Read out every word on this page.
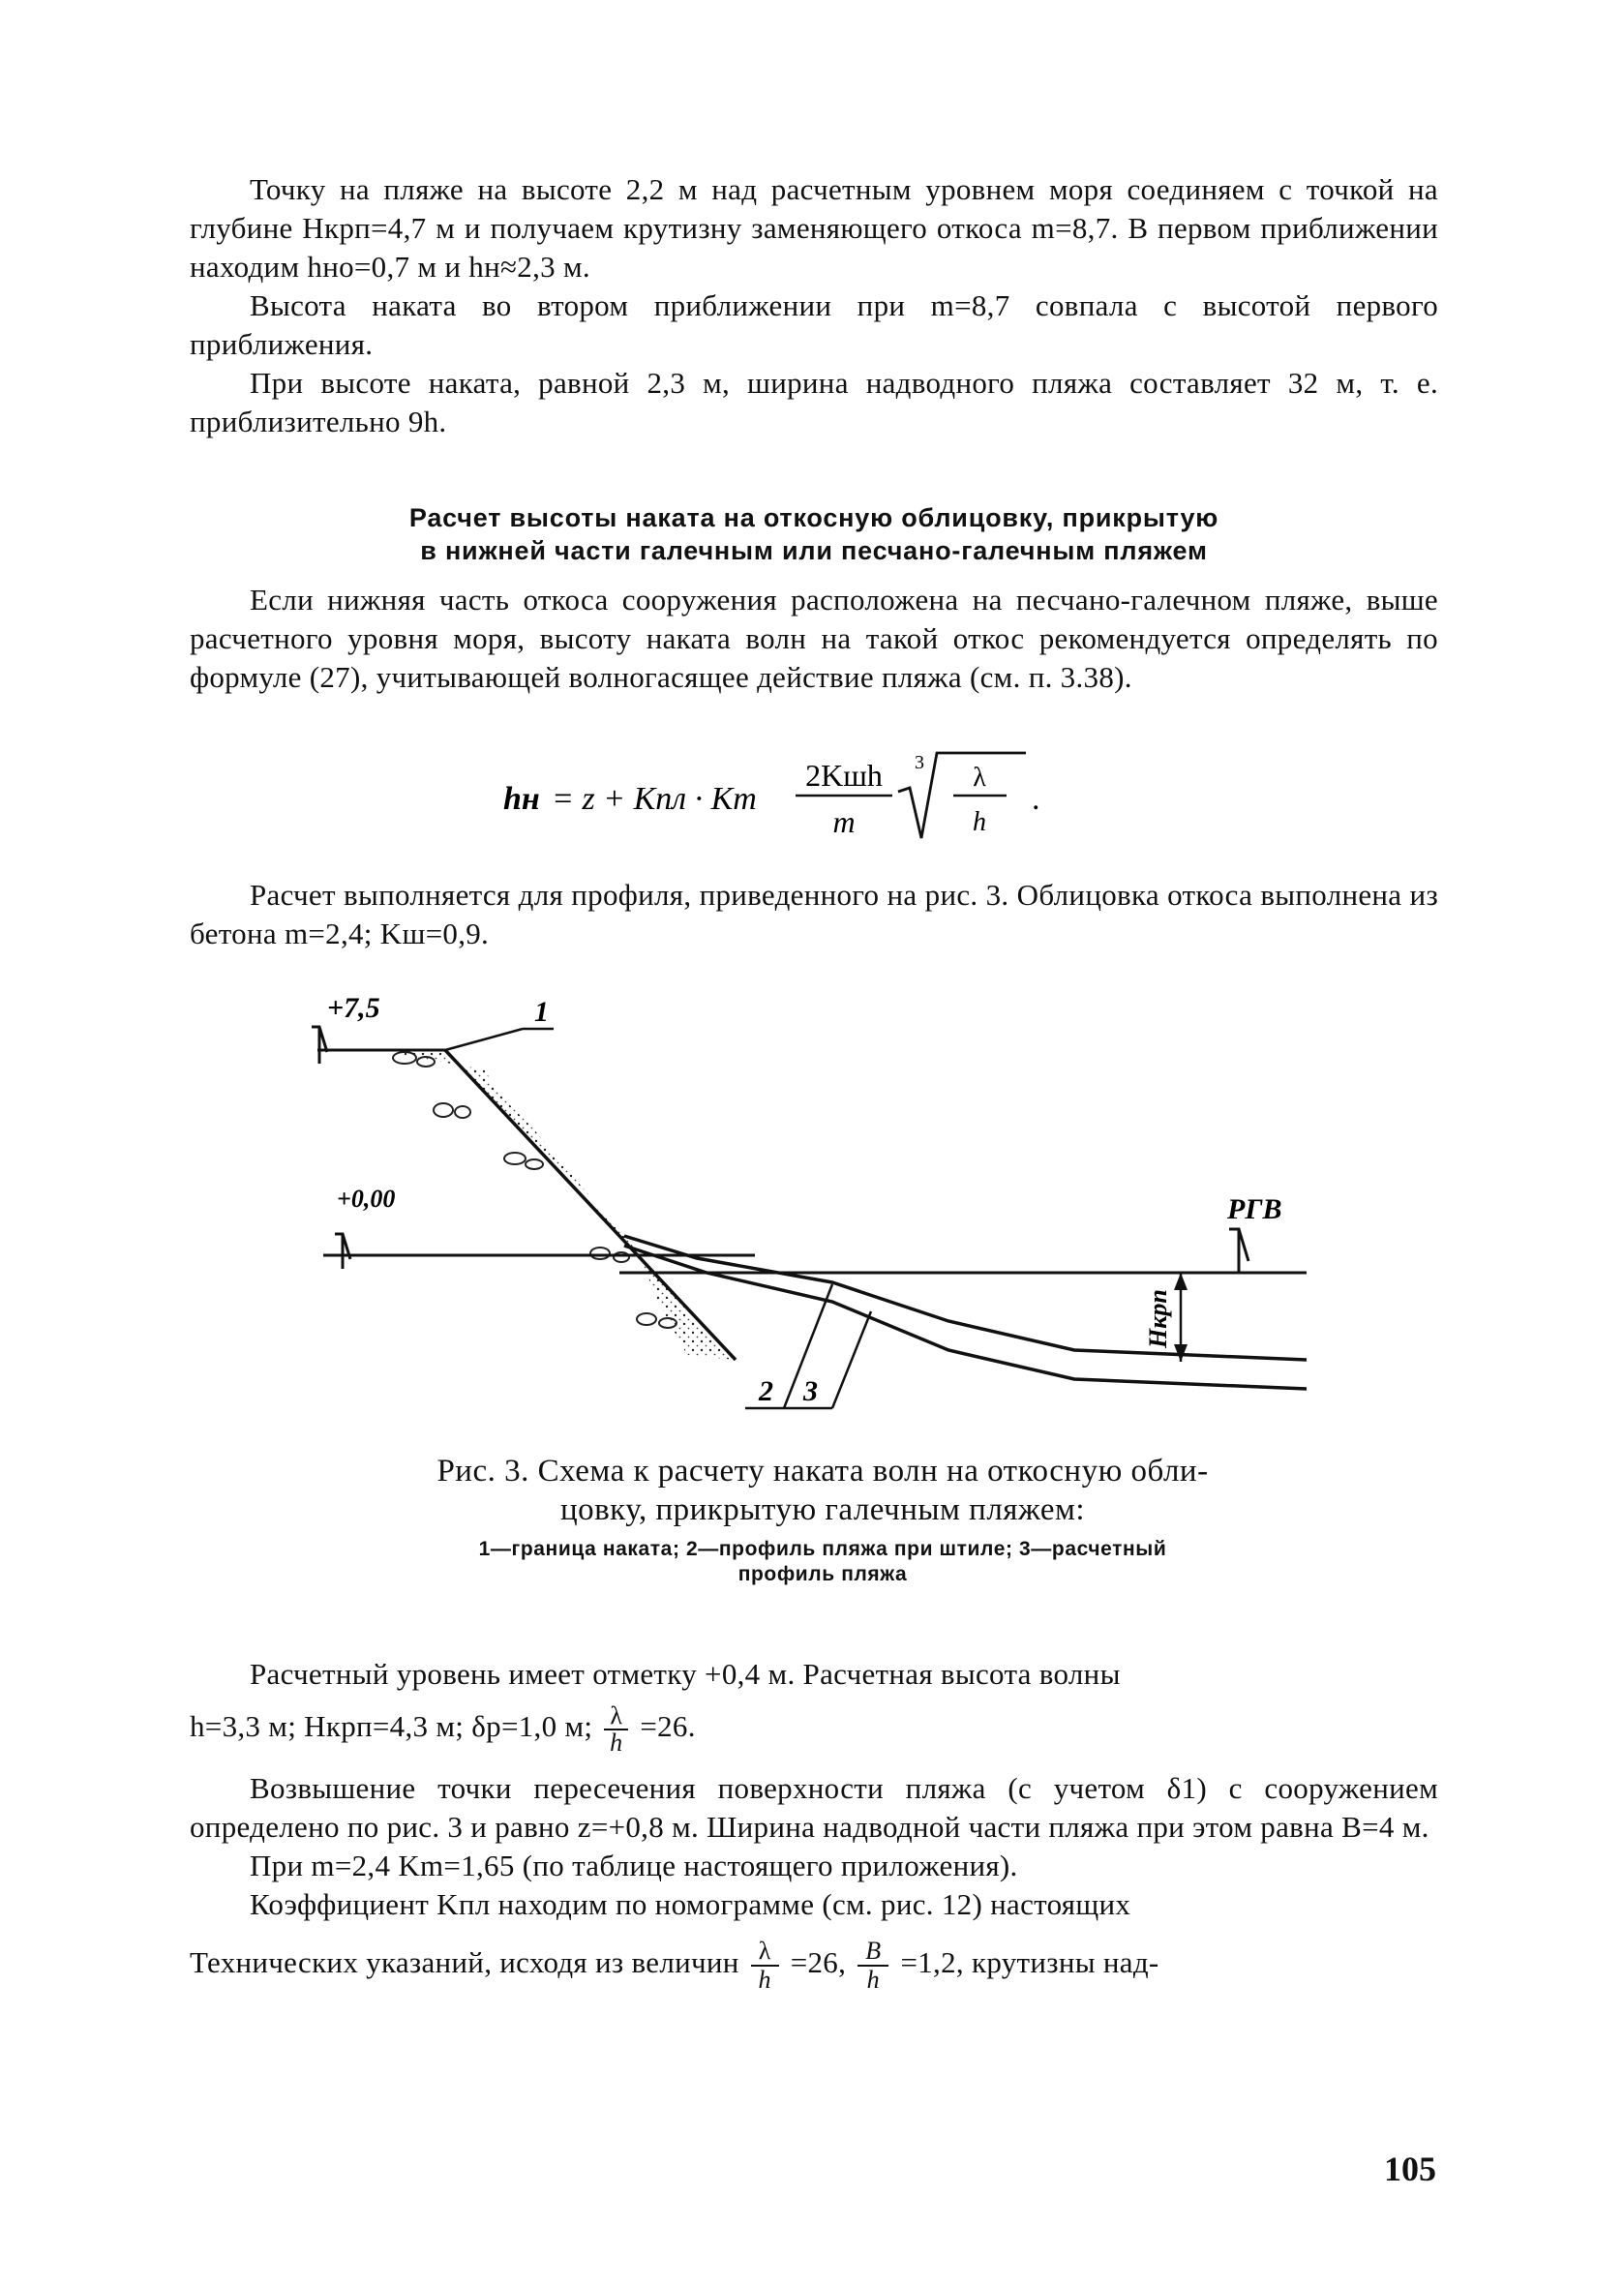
Точку на пляже на высоте 2,2 м над расчетным уровнем моря соединяем с точкой на глубине Hкрп=4,7 м и получаем крутизну заменяющего откоса m=8,7. В первом приближении находим hно=0,7 м и hн≈2,3 м.

Высота наката во втором приближении при m=8,7 совпала с высотой первого приближения.

При высоте наката, равной 2,3 м, ширина надводного пляжа составляет 32 м, т. е. приблизительно 9h.

Расчет высоты наката на откосную облицовку, прикрытую
в нижней части галечным или песчано-галечным пляжем

Если нижняя часть откоса сооружения расположена на песчано-галечном пляже, выше расчетного уровня моря, высоту наката волн на такой откос рекомендуется определять по формуле (27), учитывающей волногасящее действие пляжа (см. п. 3.38).

hн = z + Kпл · Km
2Kшh
m
3 λ
h
.

Расчет выполняется для профиля, приведенного на рис. 3. Облицовка откоса выполнена из бетона m=2,4; Kш=0,9.

+7,5	1
+0,00	РГВ
Hкрп
2 3
Рис. 3. Схема к расчету наката волн на откосную обли-
цовку, прикрытую галечным пляжем:
1—граница наката; 2—профиль пляжа при штиле; 3—расчетный
профиль пляжа

Расчетный уровень имеет отметку +0,4 м. Расчетная высота волны

h=3,3 м; Hкрп=4,3 м; δр=1,0 м; $\frac{\lambda}{h} =26$.

Возвышение точки пересечения поверхности пляжа (с учетом δ1) с сооружением определено по рис. 3 и равно z=+0,8 м. Ширина надводной части пляжа при этом равна B=4 м.

При m=2,4 Km=1,65 (по таблице настоящего приложения).

Коэффициент Kпл находим по номограмме (см. рис. 12) настоящих

Технических указаний, исходя из величин $\frac{\lambda}{h} =26$, $\frac{B}{h} =1,2$, крутизны над-
105
